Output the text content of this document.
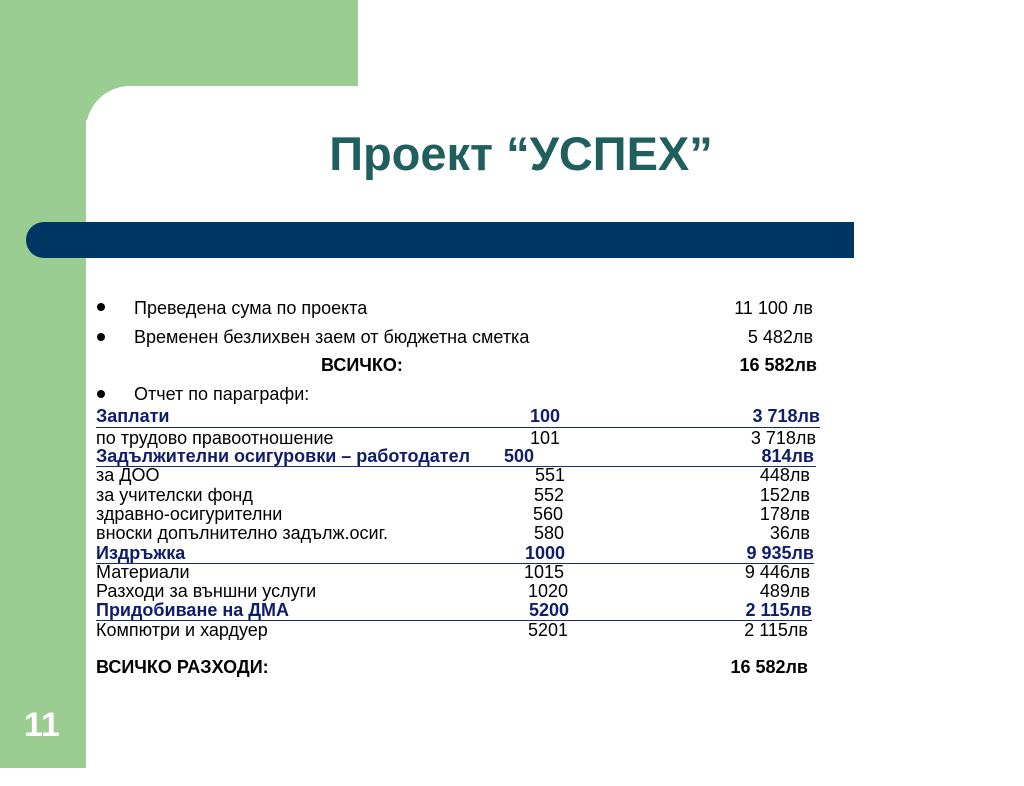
Проект “УСПЕХ”
Преведена сума по проекта	11 100 лв
Временен безлихвен заем от бюджетна сметка	5 482лв
ВСИЧКО:	16 582лв
Отчет по параграфи:
Заплати	100	3 718лв
по трудово правоотношение	101	3 718лв
Задължителни осигуровки – работодател 500	814лв
за ДОО	551	448лв
за учителски фонд	552	152лв
здравно-осигурителни	560	178лв
вноски допълнително задълж.осиг.	580	36лв
Издръжка	1000	9 935лв
Материали	1015	9 446лв
Разходи за външни услуги	1020	489лв
Придобиване на ДМА	5200	2 115лв
Компютри и хардуер	5201	2 115лв
ВСИЧКО РАЗХОДИ:	16 582лв
11
